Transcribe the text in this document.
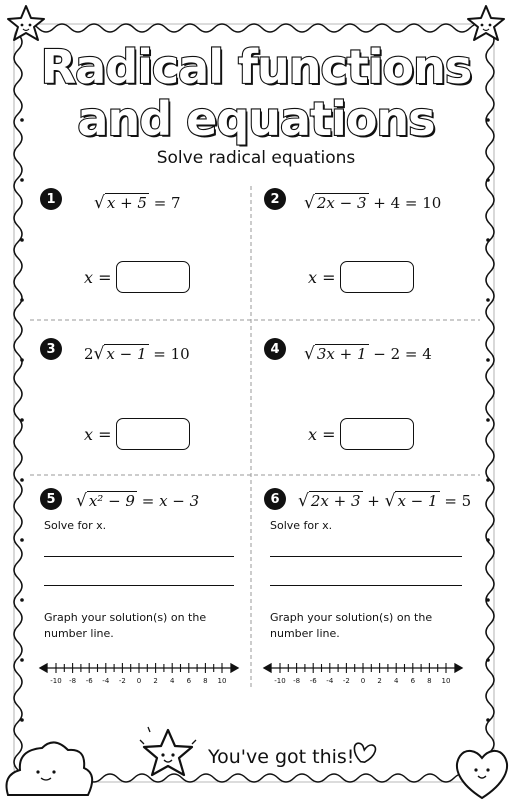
Radical functions
and equations
Solve radical equations
1	√ x + 5 = 7
x =
2	√ 2x − 3 + 4 = 10
x =
3	2√ x − 1 = 10
x =
4	√ 3x + 1 − 2 = 4
x =
5	√ x² − 9 = x − 3
Solve for x.
Graph your solution(s) on the
number line.
6	√ 2x + 3 + √ x − 1 = 5
Solve for x.
Graph your solution(s) on the
number line.
-10	-8	-6	-4	-2	0	2	4	6	8	10	-10	-8	-6	-4	-2	0	2	4	6	8	10
You've got this!
